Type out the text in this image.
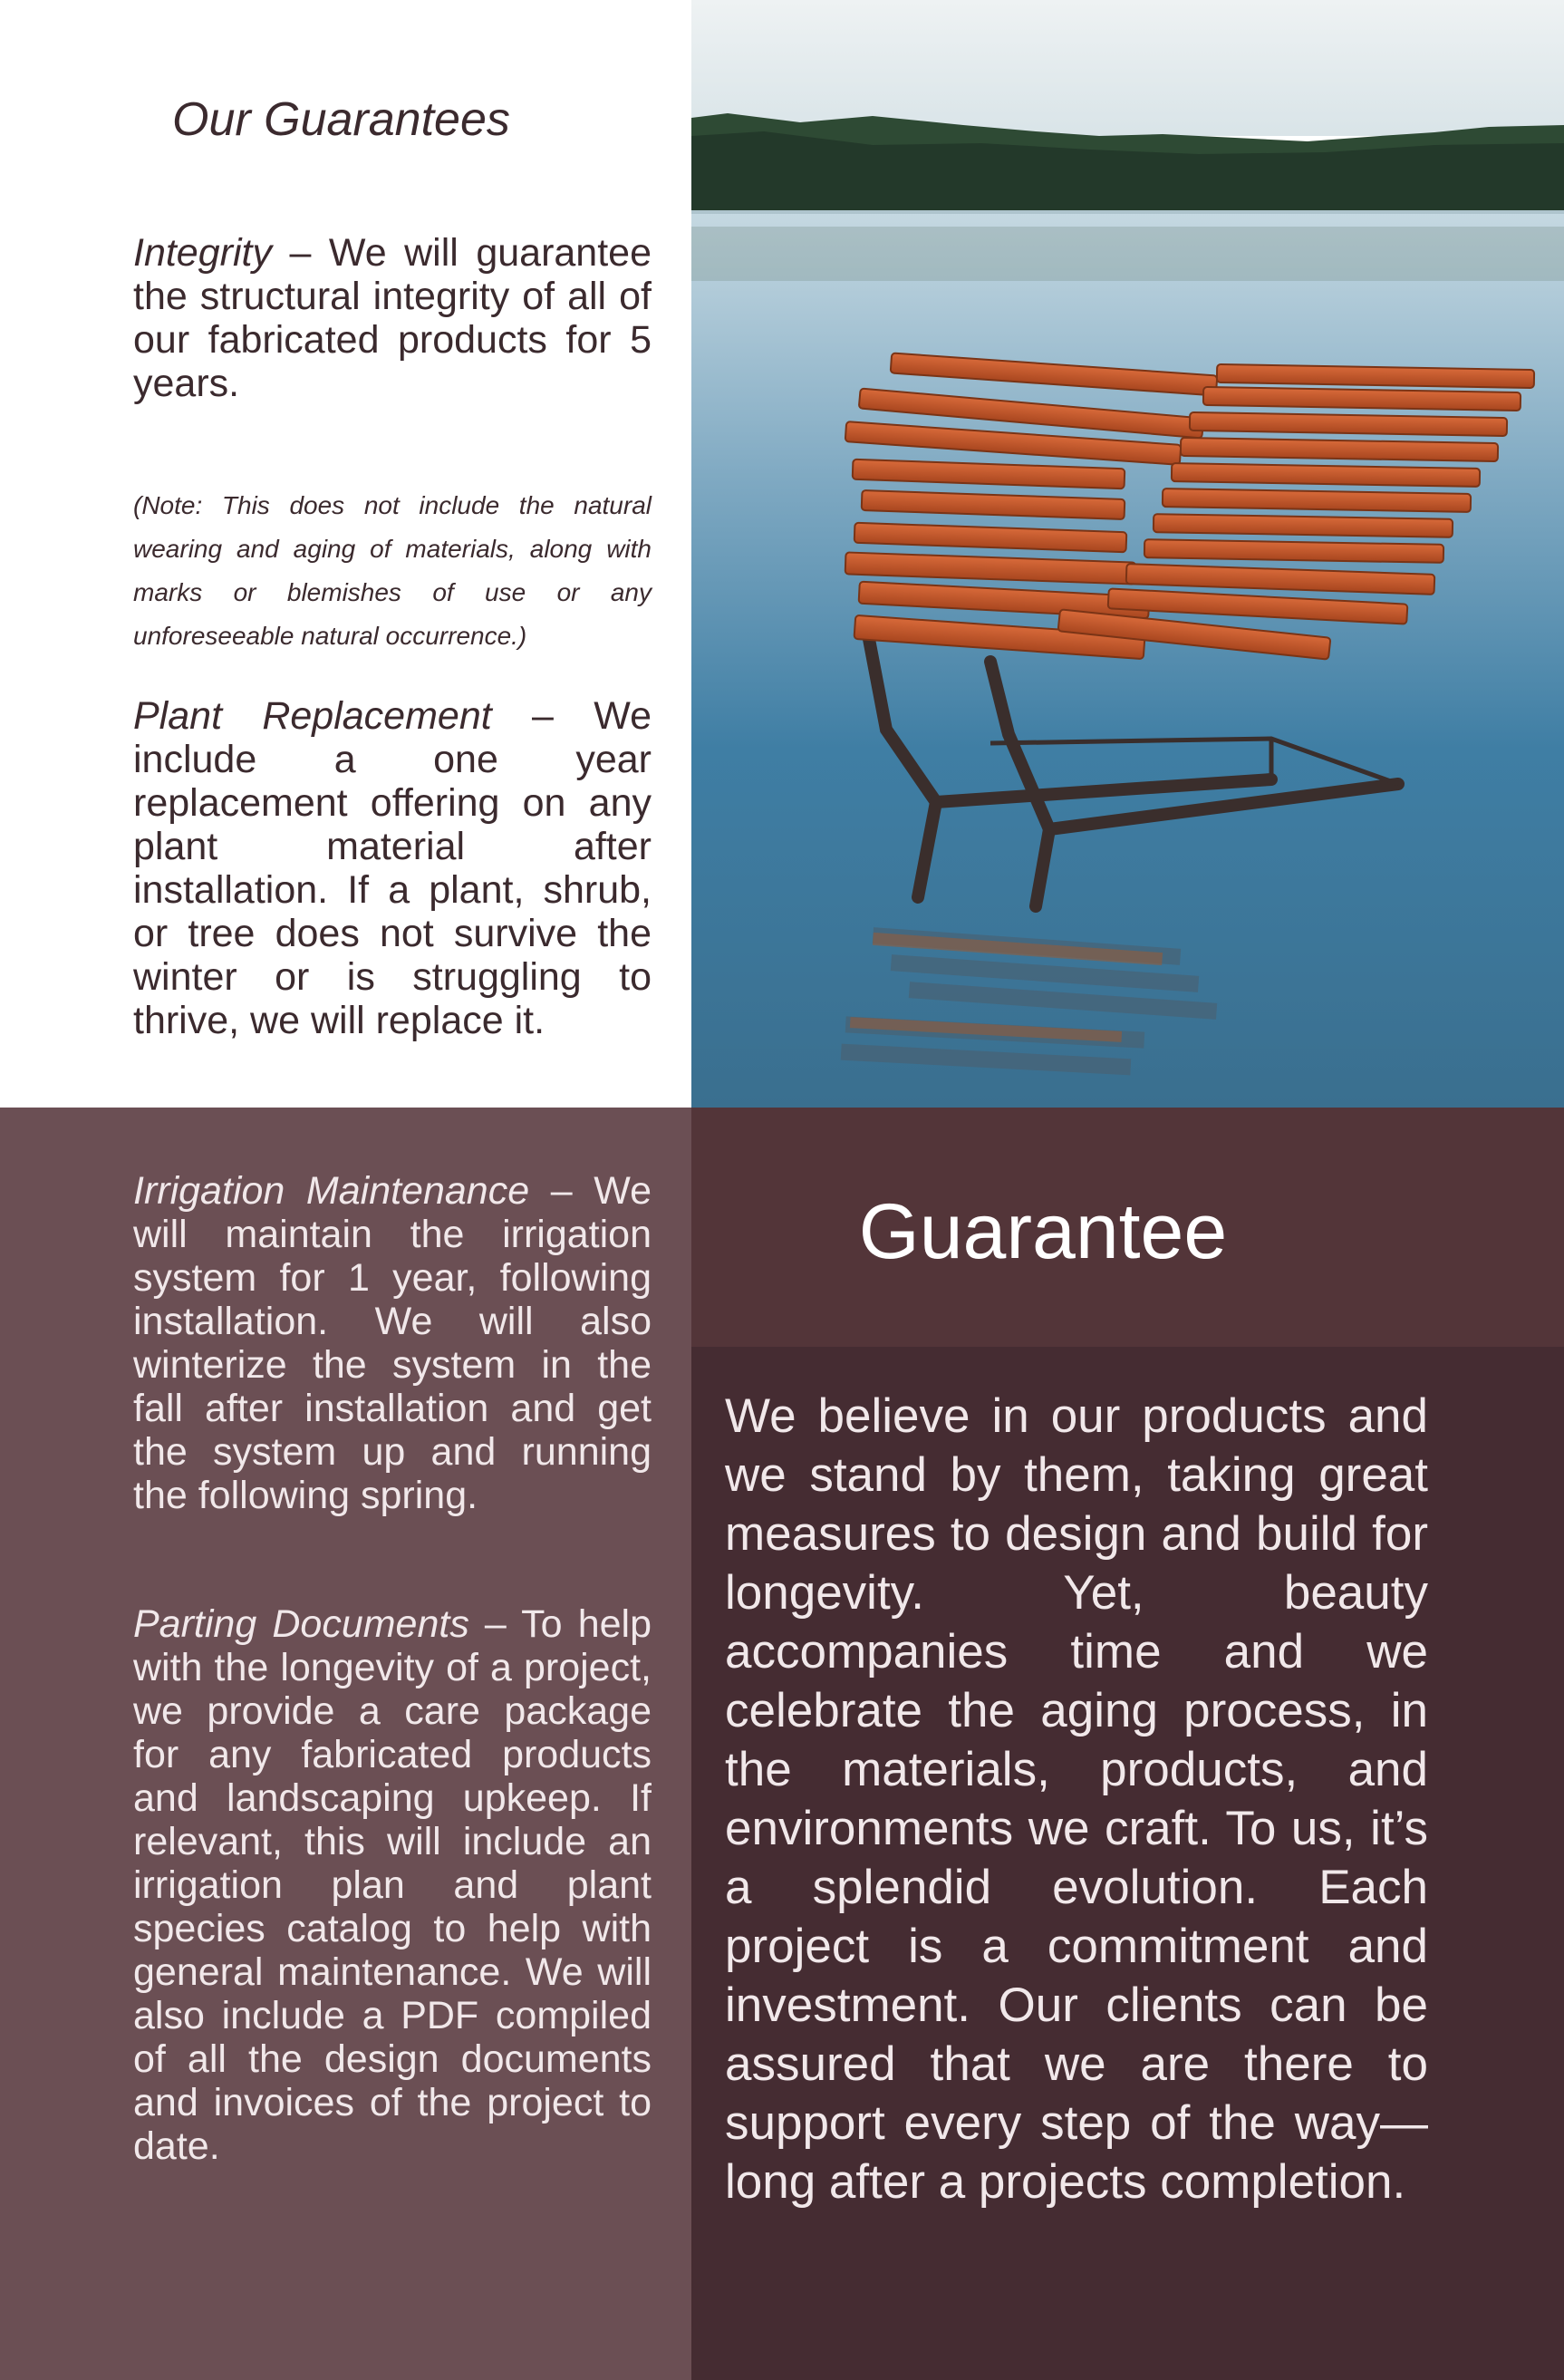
Our Guarantees

Integrity – We will guarantee the structural integrity of all of our fabricated products for 5 years.

(Note: This does not include the natural wearing and aging of materials, along with marks or blemishes of use or any unforeseeable natural occurrence.)

Plant Replacement – We include a one year replacement offering on any plant material after installation. If a plant, shrub, or tree does not survive the winter or is struggling to thrive, we will replace it.

Irrigation Maintenance – We will maintain the irrigation system for 1 year, following installation. We will also winterize the system in the fall after installation and get the system up and running the following spring.

Parting Documents – To help with the longevity of a project, we provide a care package for any fabricated products and landscaping upkeep. If relevant, this will include an irrigation plan and plant species catalog to help with general maintenance. We will also include a PDF compiled of all the design documents and invoices of the project to date.

Guarantee

We believe in our products and we stand by them, taking great measures to design and build for longevity. Yet, beauty accompanies time and we celebrate the aging process, in the materials, products, and environments we craft. To us, it’s a splendid evolution. Each project is a commitment and investment. Our clients can be assured that we are there to support every step of the way— long after a projects completion.
